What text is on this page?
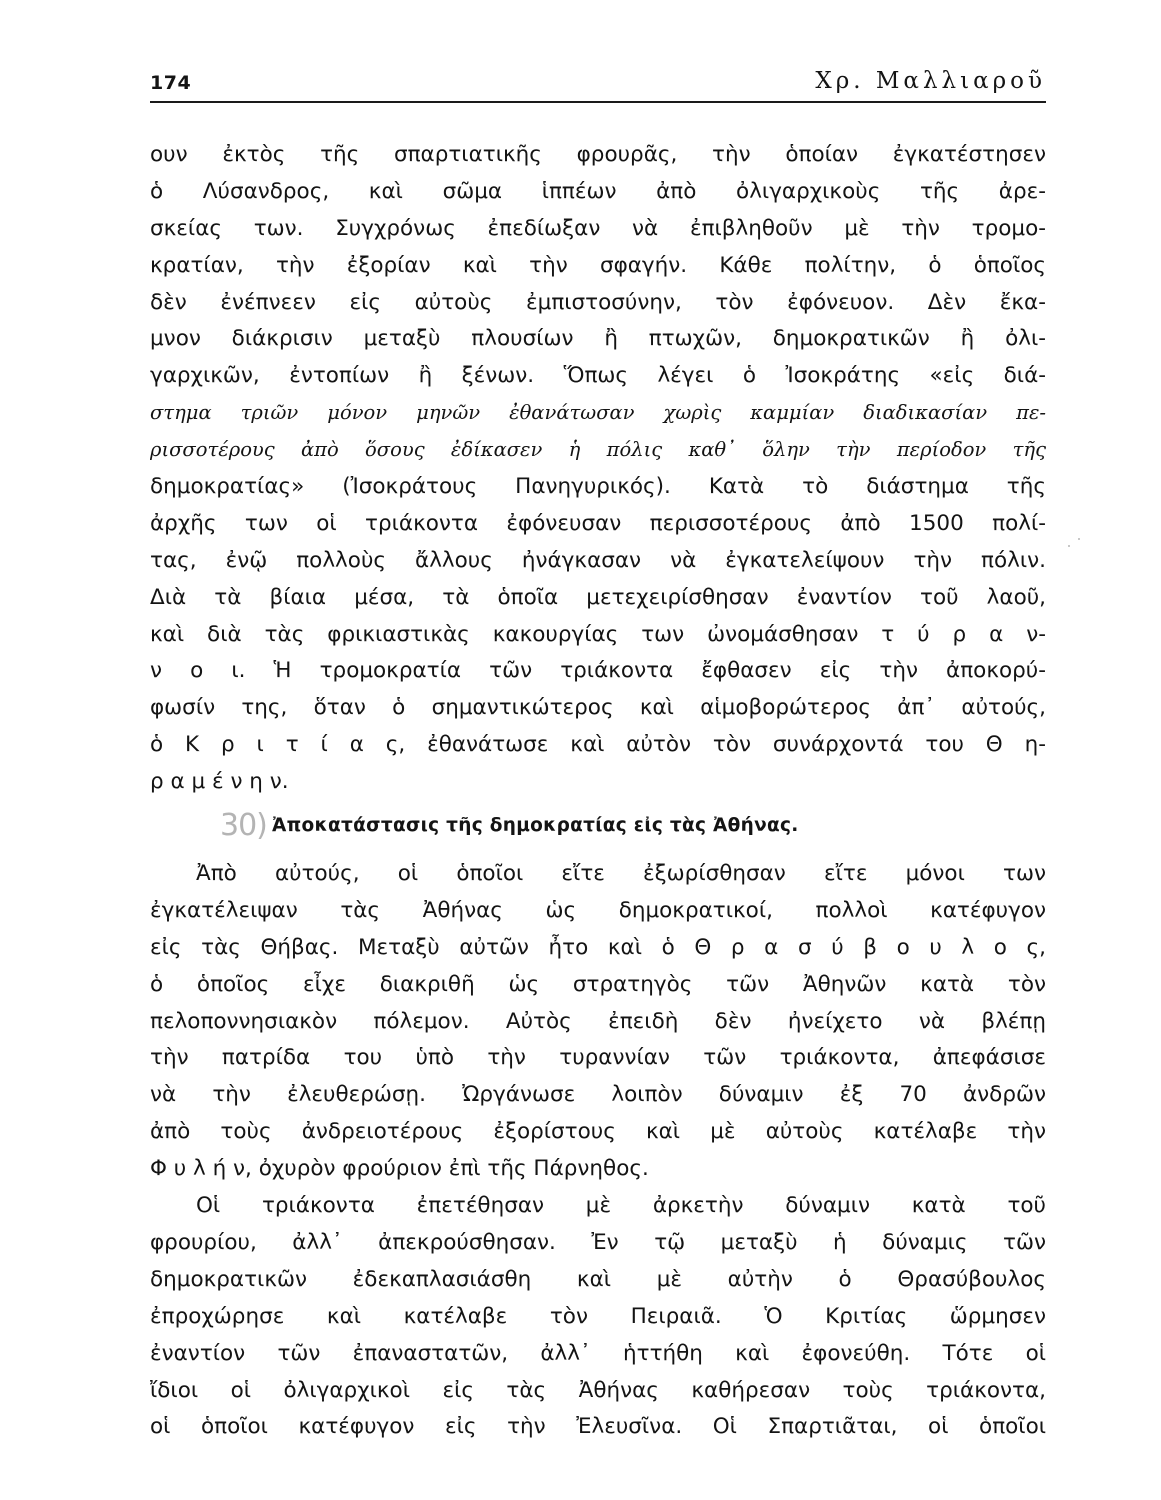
174	Χρ. Μαλλιαροῦ
ουν ἐκτὸς τῆς σπαρτιατικῆς φρουρᾶς, τὴν ὁποίαν ἐγκατέστησεν
ὁ Λύσανδρος, καὶ σῶμα ἱππέων ἀπὸ ὀλιγαρχικοὺς τῆς ἀρε-
σκείας των. Συγχρόνως ἐπεδίωξαν νὰ ἐπιβληθοῦν μὲ τὴν τρομο-
κρατίαν, τὴν ἐξορίαν καὶ τὴν σφαγήν. Κάθε πολίτην, ὁ ὁποῖος
δὲν ἐνέπνεεν εἰς αὐτοὺς ἐμπιστοσύνην, τὸν ἐφόνευον. Δὲν ἔκα-
μνον διάκρισιν μεταξὺ πλουσίων ἢ πτωχῶν, δημοκρατικῶν ἢ ὀλι-
γαρχικῶν, ἐντοπίων ἢ ξένων. Ὅπως λέγει ὁ Ἰσοκράτης «εἰς διά-
στημα τριῶν μόνον μηνῶν ἐθανάτωσαν χωρὶς καμμίαν διαδικασίαν πε-
ρισσοτέρους ἀπὸ ὅσους ἐδίκασεν ἡ πόλις καθ᾿ ὅλην τὴν περίοδον τῆς
δημοκρατίας» (Ἰσοκράτους Πανηγυρικός). Κατὰ τὸ διάστημα τῆς
ἀρχῆς των οἱ τριάκοντα ἐφόνευσαν περισσοτέρους ἀπὸ 1500 πολί-
τας, ἐνῷ πολλοὺς ἄλλους ἠνάγκασαν νὰ ἐγκατελείψουν τὴν πόλιν.
Διὰ τὰ βίαια μέσα, τὰ ὁποῖα μετεχειρίσθησαν ἐναντίον τοῦ λαοῦ,
καὶ διὰ τὰς φρικιαστικὰς κακουργίας των ὠνομάσθησαν τ ύ ρ α ν-
ν ο ι. Ἡ τρομοκρατία τῶν τριάκοντα ἔφθασεν εἰς τὴν ἀποκορύ-
φωσίν της, ὅταν ὁ σημαντικώτερος καὶ αἱμοβορώτερος ἀπ᾿ αὐτούς,
ὁ Κ ρ ι τ ί α ς, ἐθανάτωσε καὶ αὐτὸν τὸν συνάρχοντά του Θ η-
ρ α μ έ ν η ν.
30) Ἀποκατάστασις τῆς δημοκρατίας εἰς τὰς Ἀθήνας.
Ἀπὸ αὐτούς, οἱ ὁποῖοι εἴτε ἐξωρίσθησαν εἴτε μόνοι των
ἐγκατέλειψαν τὰς Ἀθήνας ὡς δημοκρατικοί, πολλοὶ κατέφυγον
εἰς τὰς Θήβας. Μεταξὺ αὐτῶν ἦτο καὶ ὁ Θ ρ α σ ύ β ο υ λ ο ς,
ὁ ὁποῖος εἶχε διακριθῆ ὡς στρατηγὸς τῶν Ἀθηνῶν κατὰ τὸν
πελοποννησιακὸν πόλεμον. Αὐτὸς ἐπειδὴ δὲν ἠνείχετο νὰ βλέπῃ
τὴν πατρίδα του ὑπὸ τὴν τυραννίαν τῶν τριάκοντα, ἀπεφάσισε
νὰ τὴν ἐλευθερώσῃ. Ὠργάνωσε λοιπὸν δύναμιν ἐξ 70 ἀνδρῶν
ἀπὸ τοὺς ἀνδρειοτέρους ἐξορίστους καὶ μὲ αὐτοὺς κατέλαβε τὴν
Φ υ λ ή ν, ὀχυρὸν φρούριον ἐπὶ τῆς Πάρνηθος.
Οἱ τριάκοντα ἐπετέθησαν μὲ ἀρκετὴν δύναμιν κατὰ τοῦ
φρουρίου, ἀλλ᾿ ἀπεκρούσθησαν. Ἐν τῷ μεταξὺ ἡ δύναμις τῶν
δημοκρατικῶν ἐδεκαπλασιάσθη καὶ μὲ αὐτὴν ὁ Θρασύβουλος
ἐπροχώρησε καὶ κατέλαβε τὸν Πειραιᾶ. Ὁ Κριτίας ὥρμησεν
ἐναντίον τῶν ἐπαναστατῶν, ἀλλ᾿ ἡττήθη καὶ ἐφονεύθη. Τότε οἱ
ἴδιοι οἱ ὀλιγαρχικοὶ εἰς τὰς Ἀθήνας καθήρεσαν τοὺς τριάκοντα,
οἱ ὁποῖοι κατέφυγον εἰς τὴν Ἐλευσῖνα. Οἱ Σπαρτιᾶται, οἱ ὁποῖοι
